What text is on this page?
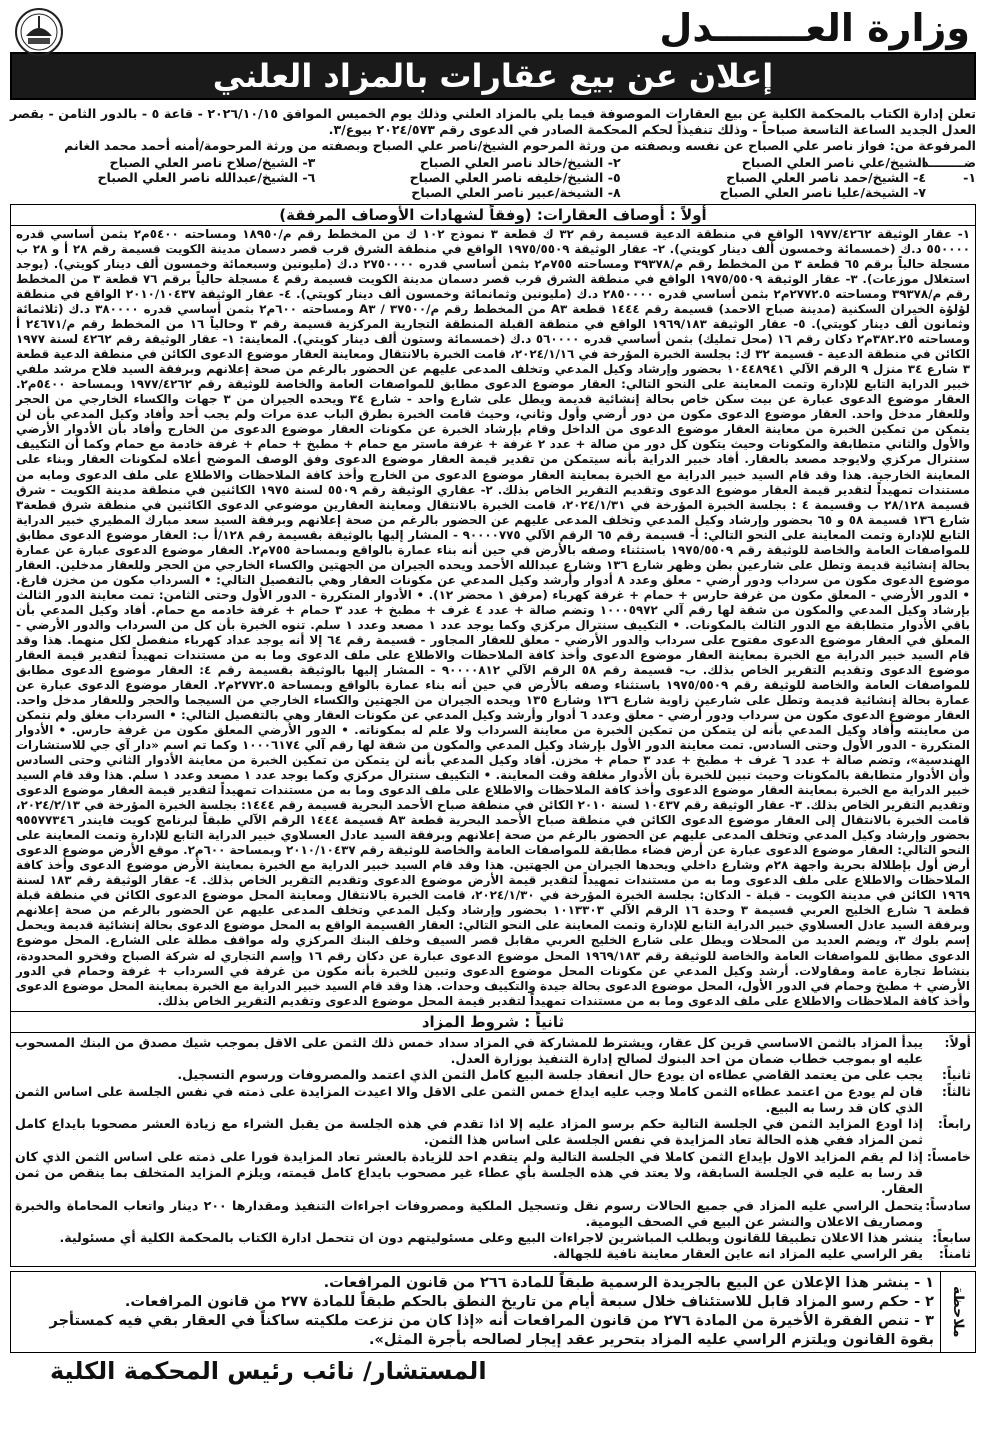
وزارة العـــــــدل
إعلان عن بيع عقارات بالمزاد العلني
تعلن إدارة الكتاب بالمحكمة الكلية عن بيع العقارات الموصوفة فيما يلي بالمزاد العلني وذلك يوم الخميس الموافق ٢٠٢٦/١٠/١٥ - قاعة ٥ - بالدور الثامن - بقصر العدل الجديد الساعة التاسعة صباحاً - وذلك تنفيذاً لحكم المحكمة الصادر في الدعوى رقم ٢٠٢٤/٥٧٣ بيوع/٣.
المرفوعة من: فواز ناصر علي الصباح عن نفسه وبصفته من ورثة المرحوم الشيخ/ناصر علي الصباح وبصفته من ورثة المرحومة/أمنه أحمد محمد الغانم
ضــــــــد: ١-
الشيخ/علي ناصر العلي الصباح
٢- الشيخ/خالد ناصر العلي الصباح
٣- الشيخ/صلاح ناصر العلي الصباح
٤- الشيخ/حمد ناصر العلي الصباح
٥- الشيخ/خليفه ناصر العلي الصباح
٦- الشيخ/عبدالله ناصر العلي الصباح
٧- الشيخة/عليا ناصر العلي الصباح
٨- الشيخة/عبير ناصر العلي الصباح
أولاً : أوصاف العقارات: (وفقاً لشهادات الأوصاف المرفقة)
١- عقار الوثيقة ١٩٧٧/٤٢٦٢ الواقع في منطقة الدعية قسيمة رقم ٣٢ ك قطعة ٣ نموذج ١٠٢ ك من المخطط رقم م/١٨٩٥٠ ومساحته ٥٤٠٠م٢ بثمن أساسي قدره ٥٥٠٠٠٠ د.ك (خمسمائة وخمسون ألف دينار كويتي). ٢- عقار الوثيقة ١٩٧٥/٥٥٠٩ الواقع في منطقة الشرق قرب قصر دسمان مدينة الكويت قسيمة رقم ٢٨ أ و ٢٨ ب مسجلة حالياً برقم ٦٥ قطعة ٣ من المخطط رقم م/٣٩٣٧٨ ومساحته ٧٥٥م٢ بثمن أساسي قدره ٢٧٥٠٠٠٠ د.ك (مليونين وسبعمائة وخمسون ألف دينار كويتي). (يوجد استغلال موزعات). ٣- عقار الوثيقة ١٩٧٥/٥٥٠٩ الواقع في منطقة الشرق قرب قصر دسمان مدينة الكويت قسيمة رقم ٤ مسجلة حالياً برقم ٧٦ قطعة ٣ من المخطط رقم م/٣٩٣٧٨ ومساحته ٢٧٧٢.٥م٢ بثمن أساسي قدره ٢٨٥٠٠٠٠ د.ك (مليونين وثمانمائة وخمسون ألف دينار كويتي). ٤- عقار الوثيقة ٢٠١٠/١٠٤٣٧ الواقع في منطقة لؤلؤة الخيران السكنية (مدينة صباح الاحمد) قسيمة رقم ١٤٤٤ قطعة A٣ من المخطط رقم م/٣٧٥٠٠ / A٣ ومساحته ٦٠٠م٢ بثمن أساسي قدره ٣٨٠٠٠٠ د.ك (ثلاثمائة وثمانون ألف دينار كويتي). ٥- عقار الوثيقة ١٩٦٩/١٨٣ الواقع في منطقة القبلة المنطقة التجارية المركزية قسيمة رقم ٣ وحالياً ١٦ من المخطط رقم م/٢٤٦٧١ أ ومساحته ٣٨٢.٢٥م٢ دكان رقم ١٦ (محل تمليك) بثمن أساسي قدره ٥٦٠٠٠٠ د.ك (خمسمائة وستون ألف دينار كويتي). المعاينة: ١- عقار الوثيقة رقم ٤٢٦٢ لسنة ١٩٧٧ الكائن في منطقة الدعية - قسيمة ٣٢ ك: بجلسة الخبرة المؤرخة في ٢٠٢٤/١/١٦، قامت الخبرة بالانتقال ومعاينة العقار موضوع الدعوى الكائن في منطقة الدعية قطعة ٣ شارع ٣٤ منزل ٩ الرقم الآلي ١٠٤٤٨٩٤١ بحضور وإرشاد وكيل المدعي وتخلف المدعى عليهم عن الحضور بالرغم من صحة إعلانهم وبرفقة السيد فلاح مرشد ملفي خبير الدراية التابع للإدارة وتمت المعاينة على النحو التالي: العقار موضوع الدعوى مطابق للمواصفات العامة والخاصة للوثيقة رقم ١٩٧٧/٤٢٦٢ وبمساحة ٥٤٠٠م٢. العقار موضوع الدعوى عبارة عن بيت سكن خاص بحالة إنشائية قديمة ويطل على شارع واحد - شارع ٣٤ ويحده الجيران من ٣ جهات والكساء الخارجي من الحجر وللعقار مدخل واحد. العقار موضوع الدعوى مكون من دور أرضي وأول وثاني، وحيث قامت الخبرة بطرق الباب عدة مرات ولم يجب أحد وأفاد وكيل المدعي بأن لن يتمكن من تمكين الخبرة من معاينة العقار موضوع الدعوى من الداخل وقام بإرشاد الخبرة عن مكونات العقار موضوع الدعوى من الخارج وأفاد بأن الأدوار الأرضي والأول والثاني متطابقة والمكونات وحيث يتكون كل دور من صالة + عدد ٢ غرفة + غرفة ماستر مع حمام + مطبخ + حمام + غرفة خادمة مع حمام وكما أن التكييف سنترال مركزي ولايوجد مصعد بالعقار. أفاد خبير الدراية بأنه سيتمكن من تقدير قيمة العقار موضوع الدعوى وفق الوصف الموضح أعلاه لمكونات العقار وبناء على المعاينة الخارجية. هذا وقد قام السيد خبير الدراية مع الخبرة بمعاينة العقار موضوع الدعوى من الخارج وأخذ كافة الملاحظات والاطلاع على ملف الدعوى ومابه من مستندات تمهيداً لتقدير قيمة العقار موضوع الدعوى وتقديم التقرير الخاص بذلك. ٢- عقاري الوثيقة رقم ٥٥٠٩ لسنة ١٩٧٥ الكائنين في منطقة مدينة الكويت - شرق قسيمة ٢٨/١٢٨ ب وقسيمة ٤ : بجلسة الخبرة المؤرخة في ٢٠٢٤/١/٣١، قامت الخبرة بالانتقال ومعاينة العقارين موضوعي الدعوى الكائنين في منطقة شرق قطعة٣ شارع ١٣٦ قسيمة ٥٨ و ٦٥ بحضور وإرشاد وكيل المدعي وتخلف المدعى عليهم عن الحضور بالرغم من صحة إعلانهم وبرفقة السيد سعد مبارك المطيري خبير الدراية التابع للإدارة وتمت المعاينة على النحو التالي: أ- قسيمة رقم ٦٥ الرقم الآلي ٩٠٠٠٠٧٧٥ - المشار إليها بالوثيقة بقسيمة رقم ١٢٨/أ ب: العقار موضوع الدعوى مطابق للمواصفات العامة والخاصة للوثيقة رقم ١٩٧٥/٥٥٠٩ باستثناء وصفه بالأرض في حين أنه بناء عمارة بالواقع وبمساحة ٧٥٥م٢. العقار موضوع الدعوى عبارة عن عمارة بحالة إنشائية قديمة وتطل على شارعين بطن وظهر شارع ١٣٦ وشارع عبدالله الأحمد ويحده الجيران من الجهتين والكساء الخارجي من الحجر وللعقار مدخلين. العقار موضوع الدعوى مكون من سرداب ودور أرضي - معلق وعدد ٨ أدوار وأرشد وكيل المدعي عن مكونات العقار وهي بالتفصيل التالي: • السرداب مكون من مخزن فارغ. • الدور الأرضي - المعلق مكون من غرفة حارس + حمام + غرفة كهرباء (مرفق ١ محضر ١٢). • الأدوار المتكررة - الدور الأول وحتى الثامن: تمت معاينة الدور الثالث بإرشاد وكيل المدعي والمكون من شقة لها رقم آلي ١٠٠٠٥٩٧٢ وتضم صالة + عدد ٤ غرف + مطبخ + عدد ٣ حمام + غرفة خادمه مع حمام. أفاد وكيل المدعي بأن باقي الأدوار متطابقة مع الدور الثالث بالمكونات. • التكييف سنترال مركزي وكما يوجد عدد ١ مصعد وعدد ١ سلم. تنوه الخبرة بأن كل من السرداب والدور الأرضي - المعلق في العقار موضوع الدعوى مفتوح على سرداب والدور الأرضي - معلق للعقار المجاور - قسيمة رقم ٦٤ إلا أنه يوجد عداد كهرباء منفصل لكل منهما. هذا وقد قام السيد خبير الدراية مع الخبرة بمعاينة العقار موضوع الدعوى وأخذ كافة الملاحظات والاطلاع على ملف الدعوى وما به من مستندات تمهيداً لتقدير قيمة العقار موضوع الدعوى وتقديم التقرير الخاص بذلك. ب- قسيمة رقم ٥٨ الرقم الآلي ٩٠٠٠٠٨١٢ - المشار إليها بالوثيقة بقسيمة رقم ٤: العقار موضوع الدعوى مطابق للمواصفات العامة والخاصة للوثيقة رقم ١٩٧٥/٥٥٠٩ باستثناء وصفه بالأرض في حين أنه بناء عمارة بالواقع وبمساحة ٢٧٧٢.٥م٢. العقار موضوع الدعوى عبارة عن عمارة بحالة إنشائية قديمة وتطل على شارعين زاوية شارع ١٣٦ وشارع ١٣٥ ويحده الجيران من الجهتين والكساء الخارجي من السيجما والحجر وللعقار مدخل واحد. العقار موضوع الدعوى مكون من سرداب ودور أرضي - معلق وعدد ٦ أدوار وأرشد وكيل المدعي عن مكونات العقار وهي بالتفصيل التالي: • السرداب مغلق ولم نتمكن من معاينته وأفاد وكيل المدعي بأنه لن يتمكن من تمكين الخبرة من معاينة السرداب ولا علم له بمكوناته. • الدور الأرضي المعلق مكون من غرفة حارس. • الأدوار المتكررة - الدور الأول وحتى السادس. تمت معاينة الدور الأول بإرشاد وكيل المدعي والمكون من شقة لها رقم آلي ١٠٠٠٦١٧٤ وكما تم اسم «دار آي جي للاستشارات الهندسية»، وتضم صالة + عدد ٦ غرف + مطبخ + عدد ٣ حمام + مخزن. أفاد وكيل المدعي بأنه لن يتمكن من تمكين الخبرة من معاينة الأدوار الثاني وحتى السادس وأن الأدوار متطابقة بالمكونات وحيث تبين للخبرة بأن الأدوار مغلقة وقت المعاينة. • التكييف سنترال مركزي وكما يوجد عدد ١ مصعد وعدد ١ سلم. هذا وقد قام السيد خبير الدراية مع الخبرة بمعاينة العقار موضوع الدعوى وأخذ كافة الملاحظات والاطلاع على ملف الدعوى وما به من مستندات تمهيداً لتقدير قيمة العقار موضوع الدعوى وتقديم التقرير الخاص بذلك. ٣- عقار الوثيقة رقم ١٠٤٣٧ لسنة ٢٠١٠ الكائن في منطقة صباح الأحمد البحرية قسيمة رقم ١٤٤٤: بجلسة الخبرة المؤرخة في ٢٠٢٤/٢/١٣، قامت الخبرة بالانتقال إلى العقار موضوع الدعوى الكائن في منطقة صباح الأحمد البحرية قطعة A٣ قسيمة ١٤٤٤ الرقم الآلي طبقاً لبرنامج كويت فايندر ٩٥٥٧٧٣٤٦ بحضور وإرشاد وكيل المدعي وتخلف المدعى عليهم عن الحضور بالرغم من صحة إعلانهم وبرفقة السيد عادل العسلاوي خبير الدراية التابع للإدارة وتمت المعاينة على النحو التالي: العقار موضوع الدعوى عبارة عن أرض فضاء مطابقة للمواصفات العامة والخاصة للوثيقة رقم ٢٠١٠/١٠٤٣٧ وبمساحة ٦٠٠م٢. موقع الأرض موضوع الدعوى أرض أول بإطلالة بحرية واجهة ٢٨م وشارع داخلي ويحدها الجيران من الجهتين. هذا وقد قام السيد خبير الدراية مع الخبرة بمعاينة الأرض موضوع الدعوى وأخذ كافة الملاحظات والاطلاع على ملف الدعوى وما به من مستندات تمهيداً لتقدير قيمة الأرض موضوع الدعوى وتقديم التقرير الخاص بذلك. ٤- عقار الوثيقة رقم ١٨٣ لسنة ١٩٦٩ الكائن في مدينة الكويت - قبلة - الدكان: بجلسة الخبرة المؤرخة في ٢٠٢٤/١/٣٠، قامت الخبرة بالانتقال ومعاينة المحل موضوع الدعوى الكائن في منطقة قبلة قطعة ٦ شارع الخليج العربي قسيمة ٣ وحدة ١٦ الرقم الآلي ١٠١٣٣٠٣ بحضور وإرشاد وكيل المدعي وتخلف المدعى عليهم عن الحضور بالرغم من صحة إعلانهم وبرفقة السيد عادل العسلاوي خبير الدراية التابع للإدارة وتمت المعاينة على النحو التالي: العقار القسيمة الواقع به المحل موضوع الدعوى بحالة إنشائية قديمة ويحمل إسم بلوك ٣، ويضم العديد من المحلات ويطل على شارع الخليج العربي مقابل قصر السيف وخلف البنك المركزي وله مواقف مطلة على الشارع. المحل موضوع الدعوى مطابق للمواصفات العامة والخاصة للوثيقة رقم ١٩٦٩/١٨٣ المحل موضوع الدعوى عبارة عن دكان رقم ١٦ وإسم التجاري له شركة الصباح وفخرو المحدودة، بنشاط تجارة عامة ومقاولات. أرشد وكيل المدعي عن مكونات المحل موضوع الدعوى وتبين للخبرة بأنه مكون من غرفة في السرداب + غرفة وحمام في الدور الأرضي + مطبخ وحمام في الدور الأول، المحل موضوع الدعوى بحالة جيدة والتكييف وحدات. هذا وقد قام السيد خبير الدراية مع الخبرة بمعاينة المحل موضوع الدعوى وأخذ كافة الملاحظات والاطلاع على ملف الدعوى وما به من مستندات تمهيداً لتقدير قيمة المحل موضوع الدعوى وتقديم التقرير الخاص بذلك.
ثانياً : شروط المزاد
أولاً:
يبدأ المزاد بالثمن الاساسي قرين كل عقار، ويشترط للمشاركة في المزاد سداد خمس ذلك الثمن على الاقل بموجب شيك مصدق من البنك المسحوب عليه او بموجب خطاب ضمان من احد البنوك لصالح إدارة التنفيذ بوزارة العدل.
ثانياً:
يجب على من يعتمد القاضي عطاءه ان يودع حال انعقاد جلسة البيع كامل الثمن الذي اعتمد والمصروفات ورسوم التسجيل.
ثالثاً:
فان لم يودع من اعتمد عطاءه الثمن كاملا وجب عليه ايداع خمس الثمن على الاقل والا اعيدت المزايدة على ذمته في نفس الجلسة على اساس الثمن الذي كان قد رسا به البيع.
رابعاً:
إذا اودع المزايد الثمن في الجلسة التالية حكم برسو المزاد عليه إلا اذا تقدم في هذه الجلسة من يقبل الشراء مع زيادة العشر مصحوبا بايداع كامل ثمن المزاد ففي هذه الحالة تعاد المزايدة في نفس الجلسة على اساس هذا الثمن.
خامساً:
إذا لم يقم المزايد الاول بإيداع الثمن كاملا في الجلسة التالية ولم يتقدم احد للزيادة بالعشر تعاد المزايدة فورا على ذمته على اساس الثمن الذي كان قد رسا به عليه في الجلسة السابقة، ولا يعتد في هذه الجلسة بأي عطاء غير مصحوب بايداع كامل قيمته، ويلزم المزايد المتخلف بما ينقص من ثمن العقار.
سادساً:
يتحمل الراسي عليه المزاد في جميع الحالات رسوم نقل وتسجيل الملكية ومصروفات اجراءات التنفيذ ومقدارها ٢٠٠ دينار واتعاب المحاماة والخبرة ومصاريف الاعلان والنشر عن البيع في الصحف اليومية.
سابعاً:
ينشر هذا الاعلان تطبيقا للقانون وبطلب المباشرين لاجراءات البيع وعلى مسئوليتهم دون ان تتحمل ادارة الكتاب بالمحكمة الكلية أي مسئولية.
ثامناً:
يقر الراسي عليه المزاد انه عاين العقار معاينة نافية للجهالة.
ملاحظة
١ - ينشر هذا الإعلان عن البيع بالجريدة الرسمية طبقاً للمادة ٢٦٦ من قانون المرافعات.
٢ - حكم رسو المزاد قابل للاستئناف خلال سبعة أيام من تاريخ النطق بالحكم طبقاً للمادة ٢٧٧ من قانون المرافعات.
٣ - تنص الفقرة الأخيرة من المادة ٢٧٦ من قانون المرافعات أنه «إذا كان من نزعت ملكيته ساكناً في العقار بقي فيه كمستأجر بقوة القانون ويلتزم الراسي عليه المزاد بتحرير عقد إيجار لصالحه بأجرة المثل».
المستشار/ نائب رئيس المحكمة الكلية
